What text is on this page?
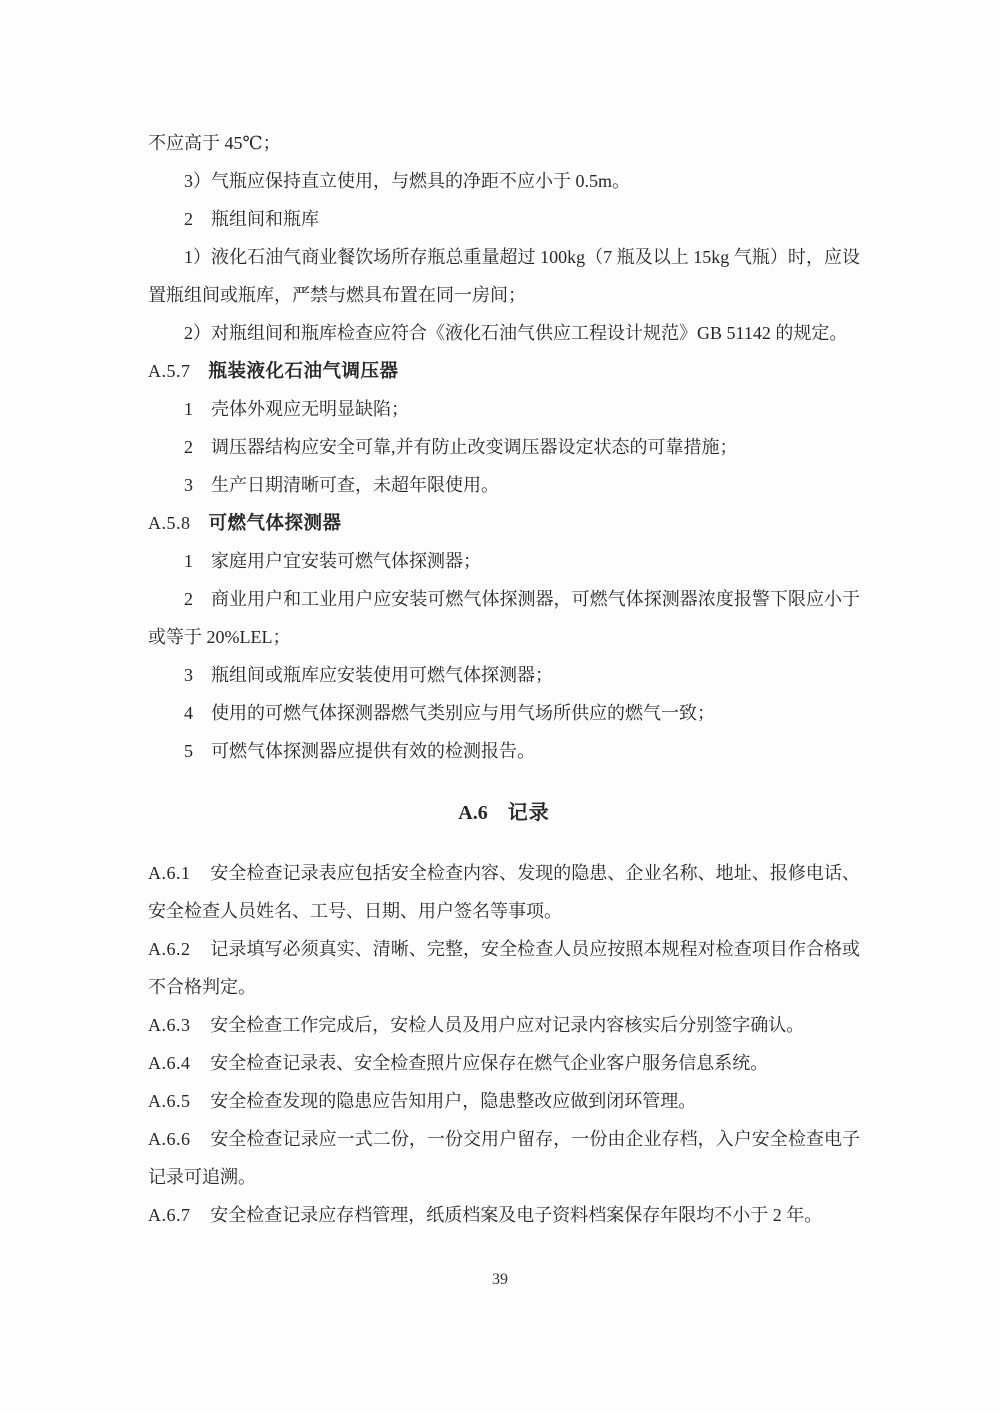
不应高于 45℃；

3）气瓶应保持直立使用，与燃具的净距不应小于 0.5m。

2 瓶组间和瓶库

1）液化石油气商业餐饮场所存瓶总重量超过 100kg（7 瓶及以上 15kg 气瓶）时，应设置瓶组间或瓶库，严禁与燃具布置在同一房间；

2）对瓶组间和瓶库检查应符合《液化石油气供应工程设计规范》GB 51142 的规定。

A.5.7 瓶装液化石油气调压器

1 壳体外观应无明显缺陷；

2 调压器结构应安全可靠,并有防止改变调压器设定状态的可靠措施；

3 生产日期清晰可查，未超年限使用。

A.5.8 可燃气体探测器

1 家庭用户宜安装可燃气体探测器；

2 商业用户和工业用户应安装可燃气体探测器，可燃气体探测器浓度报警下限应小于或等于 20%LEL；

3 瓶组间或瓶库应安装使用可燃气体探测器；

4 使用的可燃气体探测器燃气类别应与用气场所供应的燃气一致；

5 可燃气体探测器应提供有效的检测报告。

A.6 记录

A.6.1 安全检查记录表应包括安全检查内容、发现的隐患、企业名称、地址、报修电话、安全检查人员姓名、工号、日期、用户签名等事项。

A.6.2 记录填写必须真实、清晰、完整，安全检查人员应按照本规程对检查项目作合格或不合格判定。

A.6.3 安全检查工作完成后，安检人员及用户应对记录内容核实后分别签字确认。

A.6.4 安全检查记录表、安全检查照片应保存在燃气企业客户服务信息系统。

A.6.5 安全检查发现的隐患应告知用户，隐患整改应做到闭环管理。

A.6.6 安全检查记录应一式二份，一份交用户留存，一份由企业存档，入户安全检查电子记录可追溯。

A.6.7 安全检查记录应存档管理，纸质档案及电子资料档案保存年限均不小于 2 年。

39
